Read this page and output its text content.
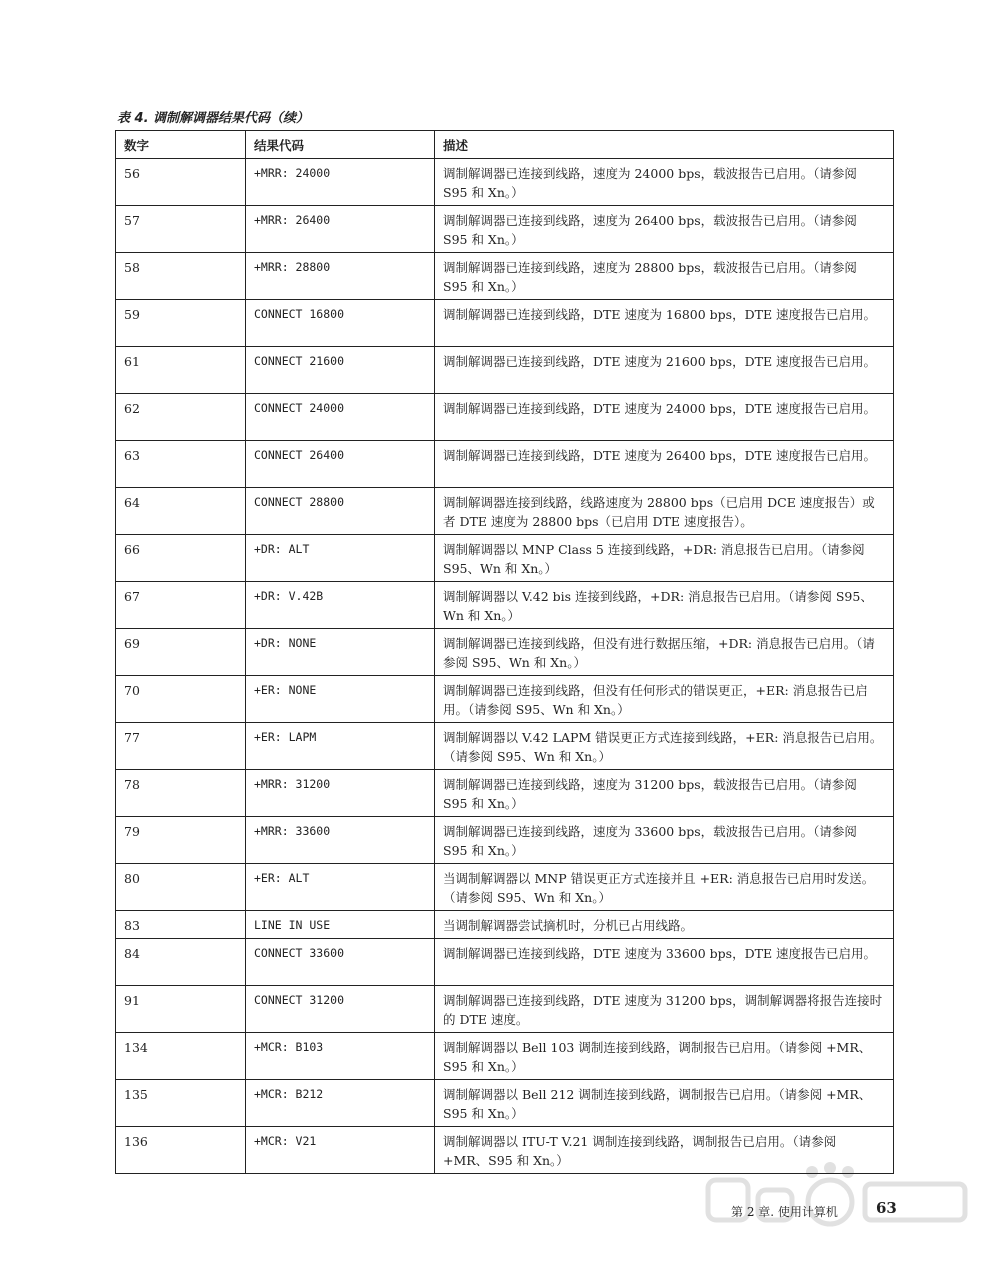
表 4. 调制解调器结果代码（续）
数字	结果代码	描述
56	+MRR: 24000	调制解调器已连接到线路，速度为 24000 bps，载波报告已启用。（请参阅 S95 和 Xn。）
57	+MRR: 26400	调制解调器已连接到线路，速度为 26400 bps，载波报告已启用。（请参阅 S95 和 Xn。）
58	+MRR: 28800	调制解调器已连接到线路，速度为 28800 bps，载波报告已启用。（请参阅 S95 和 Xn。）
59	CONNECT 16800	调制解调器已连接到线路，DTE 速度为 16800 bps，DTE 速度报告已启用。
61	CONNECT 21600	调制解调器已连接到线路，DTE 速度为 21600 bps，DTE 速度报告已启用。
62	CONNECT 24000	调制解调器已连接到线路，DTE 速度为 24000 bps，DTE 速度报告已启用。
63	CONNECT 26400	调制解调器已连接到线路，DTE 速度为 26400 bps，DTE 速度报告已启用。
64	CONNECT 28800	调制解调器连接到线路，线路速度为 28800 bps（已启用 DCE 速度报告）或者 DTE 速度为 28800 bps（已启用 DTE 速度报告）。
66	+DR: ALT	调制解调器以 MNP Class 5 连接到线路，+DR: 消息报告已启用。（请参阅 S95、Wn 和 Xn。）
67	+DR: V.42B	调制解调器以 V.42 bis 连接到线路，+DR: 消息报告已启用。（请参阅 S95、Wn 和 Xn。）
69	+DR: NONE	调制解调器已连接到线路，但没有进行数据压缩，+DR: 消息报告已启用。（请参阅 S95、Wn 和 Xn。）
70	+ER: NONE	调制解调器已连接到线路，但没有任何形式的错误更正，+ER: 消息报告已启用。（请参阅 S95、Wn 和 Xn。）
77	+ER: LAPM	调制解调器以 V.42 LAPM 错误更正方式连接到线路，+ER: 消息报告已启用。（请参阅 S95、Wn 和 Xn。）
78	+MRR: 31200	调制解调器已连接到线路，速度为 31200 bps，载波报告已启用。（请参阅 S95 和 Xn。）
79	+MRR: 33600	调制解调器已连接到线路，速度为 33600 bps，载波报告已启用。（请参阅 S95 和 Xn。）
80	+ER: ALT	当调制解调器以 MNP 错误更正方式连接并且 +ER: 消息报告已启用时发送。（请参阅 S95、Wn 和 Xn。）
83	LINE IN USE	当调制解调器尝试摘机时，分机已占用线路。
84	CONNECT 33600	调制解调器已连接到线路，DTE 速度为 33600 bps，DTE 速度报告已启用。
91	CONNECT 31200	调制解调器已连接到线路，DTE 速度为 31200 bps，调制解调器将报告连接时的 DTE 速度。
134	+MCR: B103	调制解调器以 Bell 103 调制连接到线路，调制报告已启用。（请参阅 +MR、S95 和 Xn。）
135	+MCR: B212	调制解调器以 Bell 212 调制连接到线路，调制报告已启用。（请参阅 +MR、S95 和 Xn。）
136	+MCR: V21	调制解调器以 ITU-T V.21 调制连接到线路，调制报告已启用。（请参阅 +MR、S95 和 Xn。）
第 2 章. 使用计算机	63
